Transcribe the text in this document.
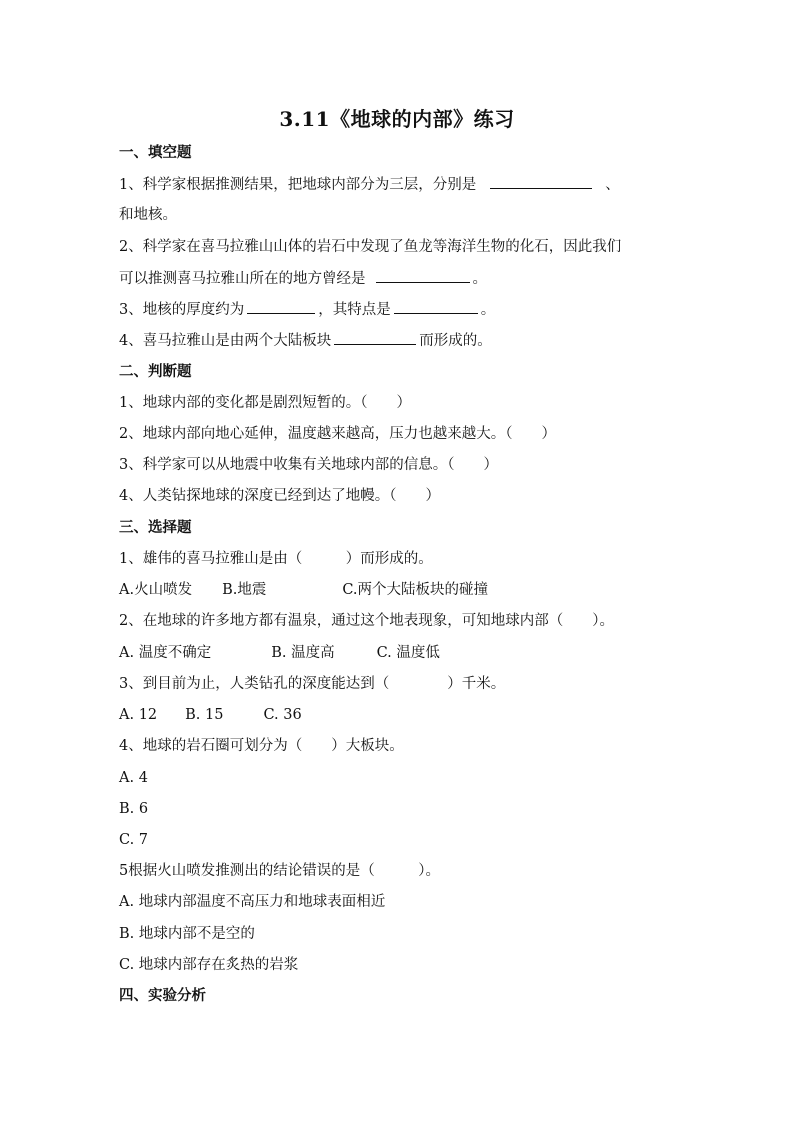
3.11《地球的内部》练习
一、填空题
1、科学家根据推测结果，把地球内部分为三层，分别是	、
和地核。
2、科学家在喜马拉雅山山体的岩石中发现了鱼龙等海洋生物的化石，因此我们
可以推测喜马拉雅山所在的地方曾经是	。
3、地核的厚度约为	，其特点是	。
4、喜马拉雅山是由两个大陆板块	而形成的。
二、判断题
1、地球内部的变化都是剧烈短暂的。（　　）
2、地球内部向地心延伸，温度越来越高，压力也越来越大。（　　）
3、科学家可以从地震中收集有关地球内部的信息。（　　）
4、人类钻探地球的深度已经到达了地幔。（　　）
三、选择题
1、雄伟的喜马拉雅山是由（　　　）而形成的。
A.火山喷发 B.地震	C.两个大陆板块的碰撞
2、在地球的许多地方都有温泉，通过这个地表现象，可知地球内部（　　）。
A. 温度不确定	B. 温度高	C. 温度低
3、到目前为止，人类钻孔的深度能达到（　　　　）千米。
A. 12 B. 15	C. 36
4、地球的岩石圈可划分为（　　）大板块。
A. 4
B. 6
C. 7
5根据火山喷发推测出的结论错误的是（　　　）。
A. 地球内部温度不高压力和地球表面相近
B. 地球内部不是空的
C. 地球内部存在炙热的岩浆
四、实验分析
